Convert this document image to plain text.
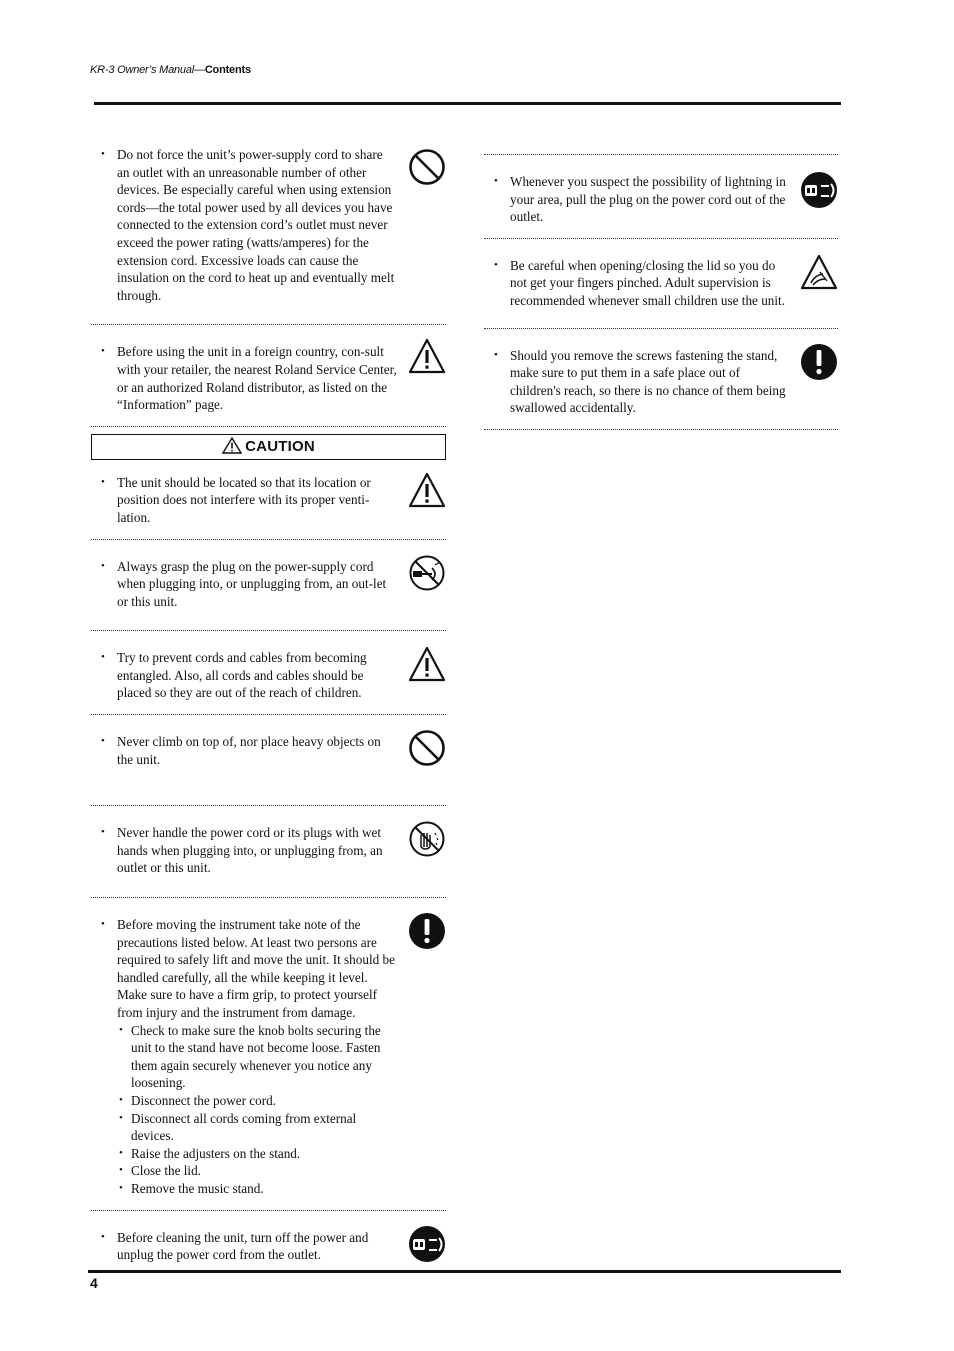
KR-3 Owner’s Manual—Contents

• Do not force the unit’s power-supply cord to share an outlet with an unreasonable number of other devices. Be especially careful when using extension cords—the total power used by all devices you have connected to the extension cord’s outlet must never exceed the power rating (watts/amperes) for the extension cord. Excessive loads can cause the insulation on the cord to heat up and eventually melt through.

• Before using the unit in a foreign country, con-sult with your retailer, the nearest Roland Service Center, or an authorized Roland distributor, as listed on the “Information” page.

CAUTION

• The unit should be located so that its location or position does not interfere with its proper venti-lation.

• Always grasp the plug on the power-supply cord when plugging into, or unplugging from, an out-let or this unit.

• Try to prevent cords and cables from becoming entangled. Also, all cords and cables should be placed so they are out of the reach of children.

• Never climb on top of, nor place heavy objects on the unit.

• Never handle the power cord or its plugs with wet hands when plugging into, or unplugging from, an outlet or this unit.

• Before moving the instrument take note of the precautions listed below. At least two persons are required to safely lift and move the unit. It should be handled carefully, all the while keeping it level. Make sure to have a firm grip, to protect yourself from injury and the instrument from damage.

• Check to make sure the knob bolts securing the unit to the stand have not become loose. Fasten them again securely whenever you notice any loosening.
• Disconnect the power cord.
• Disconnect all cords coming from external devices.
• Raise the adjusters on the stand.
• Close the lid.
• Remove the music stand.

• Before cleaning the unit, turn off the power and unplug the power cord from the outlet.

• Whenever you suspect the possibility of lightning in your area, pull the plug on the power cord out of the outlet.

• Be careful when opening/closing the lid so you do not get your fingers pinched. Adult supervision is recommended whenever small children use the unit.

• Should you remove the screws fastening the stand, make sure to put them in a safe place out of children's reach, so there is no chance of them being swallowed accidentally.

4
